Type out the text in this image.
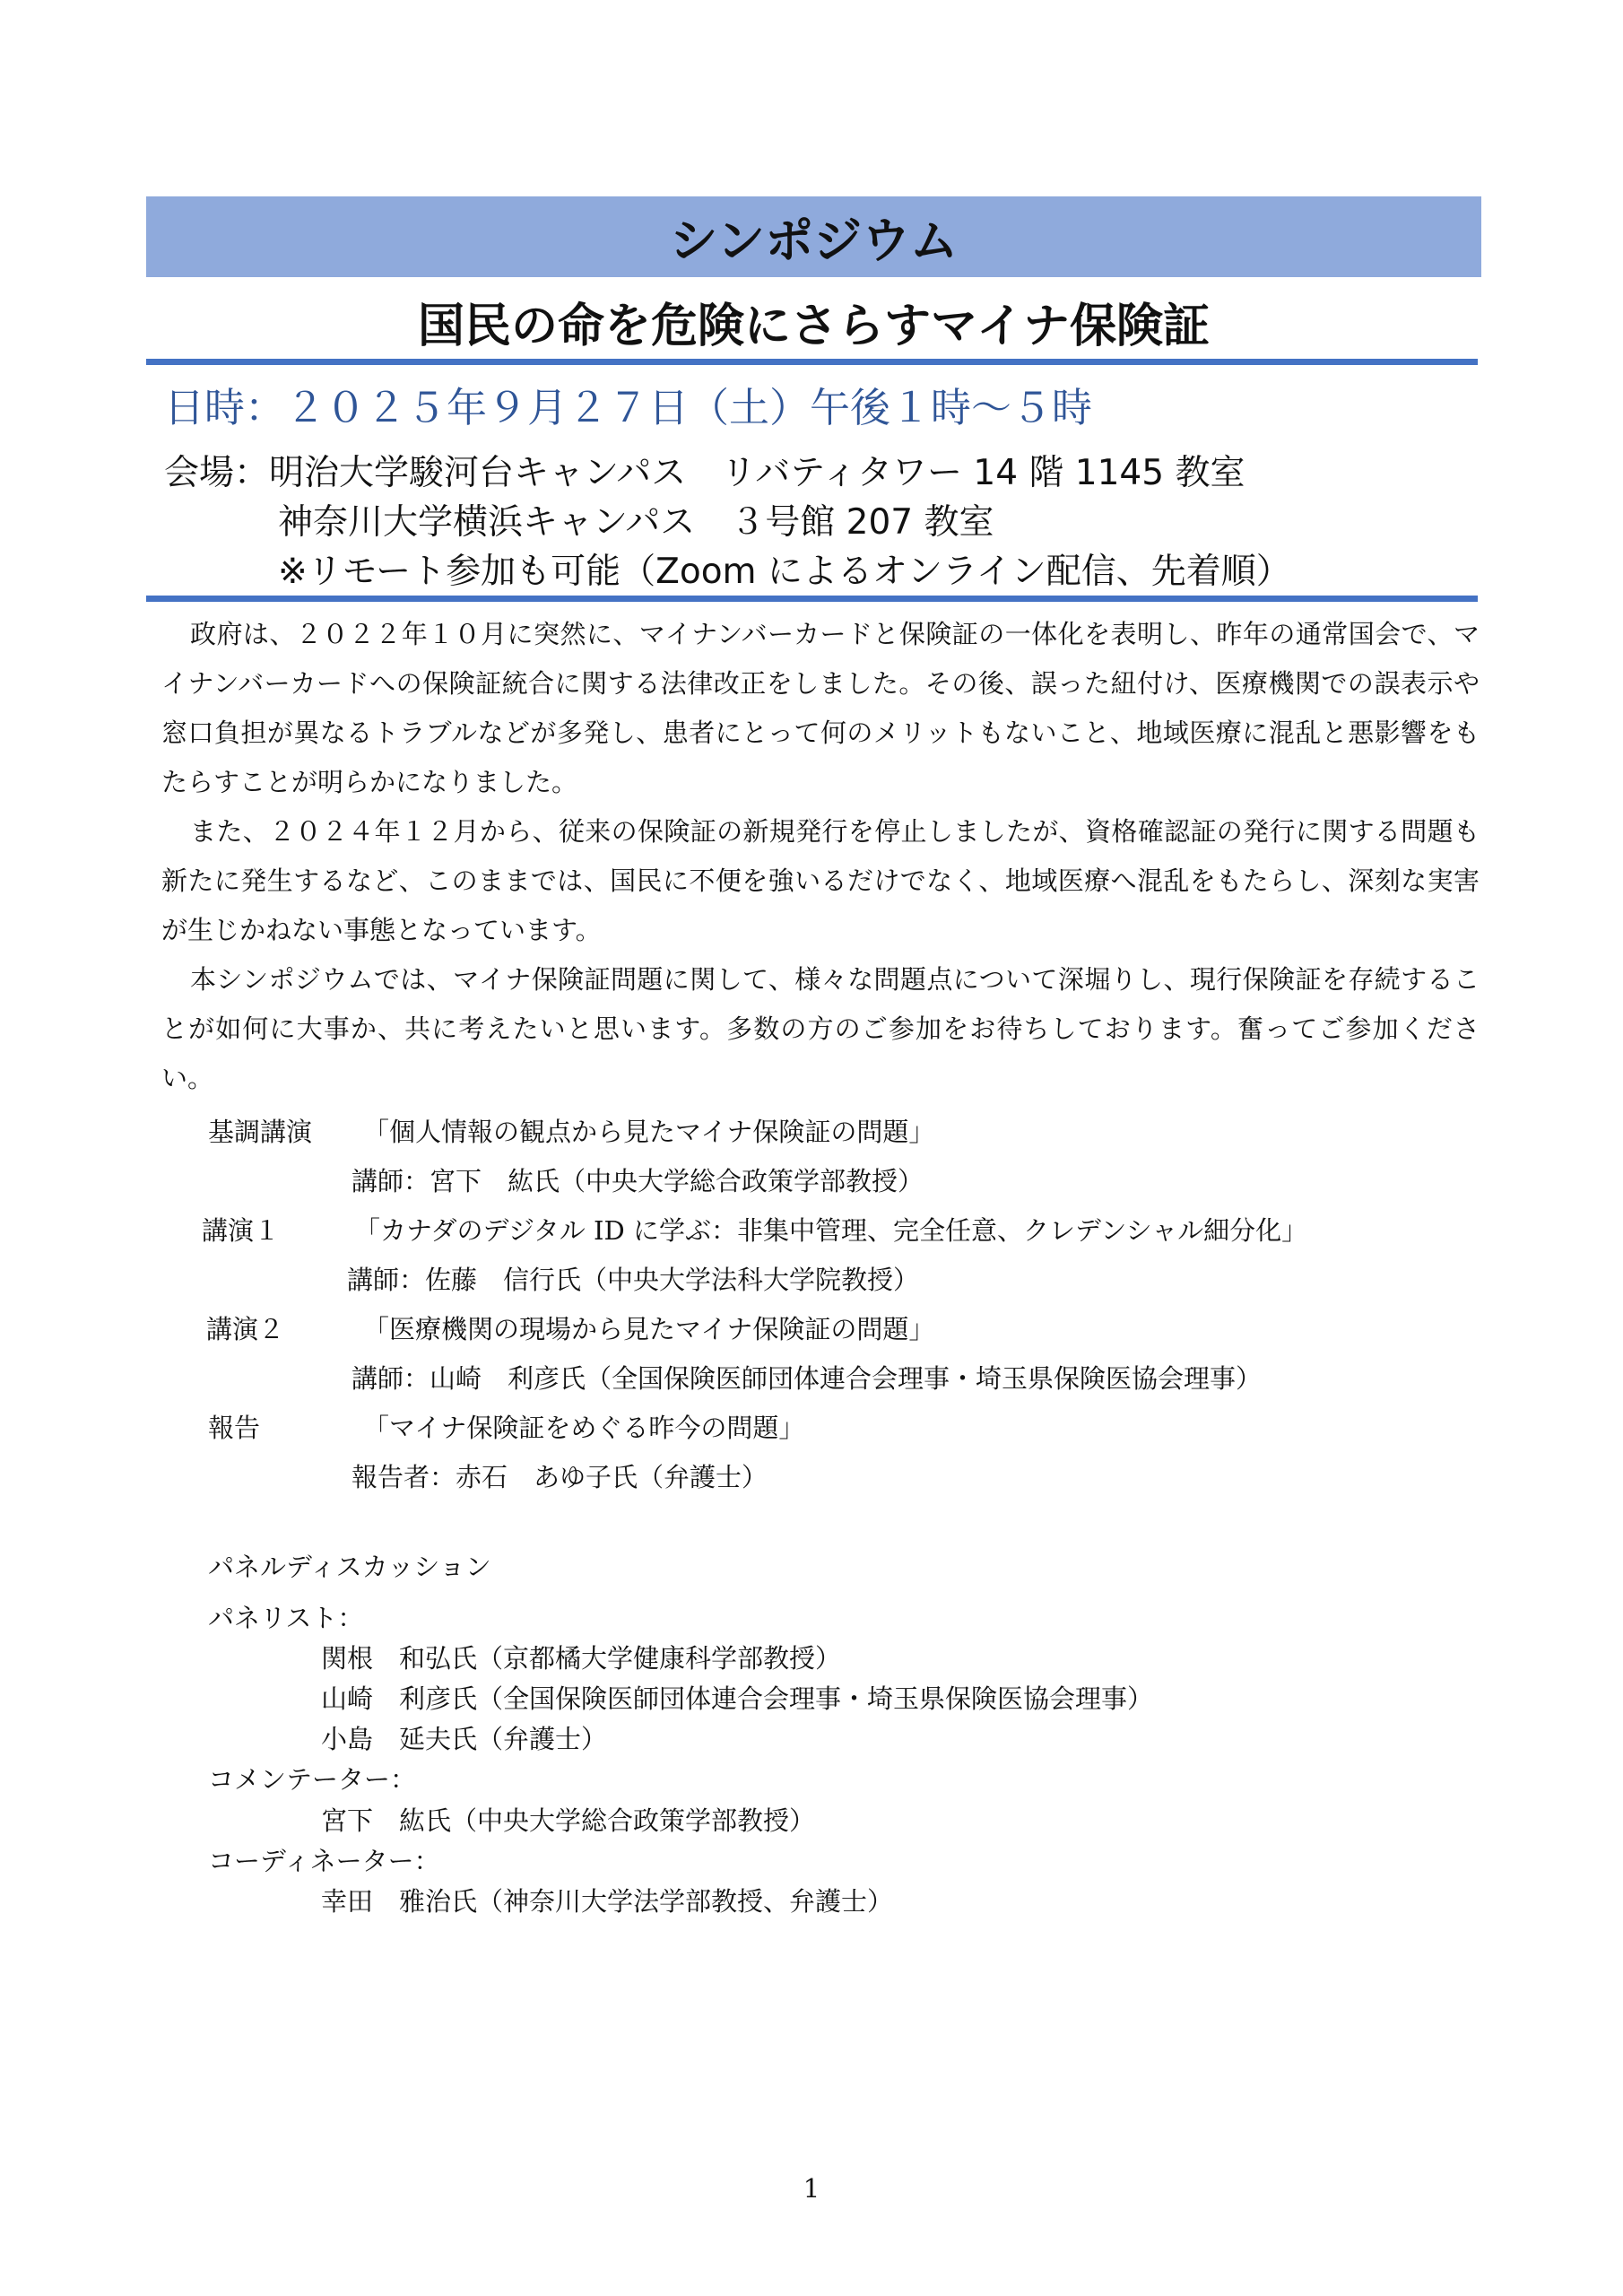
シンポジウム
国民の命を危険にさらすマイナ保険証
日時：２０２５年９月２７日（土）午後１時～５時
会場：明治大学駿河台キャンパス　リバティタワー 14 階 1145 教室
神奈川大学横浜キャンパス　３号館 207 教室
※リモート参加も可能（Zoom によるオンライン配信、先着順）

政府は、２０２２年１０月に突然に、マイナンバーカードと保険証の一体化を表明し、昨年の通常国会で、マイナンバーカードへの保険証統合に関する法律改正をしました。その後、誤った紐付け、医療機関での誤表示や窓口負担が異なるトラブルなどが多発し、患者にとって何のメリットもないこと、地域医療に混乱と悪影響をもたらすことが明らかになりました。

また、２０２４年１２月から、従来の保険証の新規発行を停止しましたが、資格確認証の発行に関する問題も新たに発生するなど、このままでは、国民に不便を強いるだけでなく、地域医療へ混乱をもたらし、深刻な実害が生じかねない事態となっています。

本シンポジウムでは、マイナ保険証問題に関して、様々な問題点について深堀りし、現行保険証を存続することが如何に大事か、共に考えたいと思います。多数の方のご参加をお待ちしております。奮ってご参加ください。

基調講演 「個人情報の観点から見たマイナ保険証の問題」
講師：宮下　紘氏（中央大学総合政策学部教授）
講演１	「カナダのデジタル ID に学ぶ：非集中管理、完全任意、クレデンシャル細分化」
講師：佐藤　信行氏（中央大学法科大学院教授）
講演２	「医療機関の現場から見たマイナ保険証の問題」
講師：山崎　利彦氏（全国保険医師団体連合会理事・埼玉県保険医協会理事）
報告	「マイナ保険証をめぐる昨今の問題」
報告者：赤石　あゆ子氏（弁護士）
パネルディスカッション
パネリスト：
関根　和弘氏（京都橘大学健康科学部教授）
山崎　利彦氏（全国保険医師団体連合会理事・埼玉県保険医協会理事）
小島　延夫氏（弁護士）
コメンテーター：
宮下　紘氏（中央大学総合政策学部教授）
コーディネーター：
幸田　雅治氏（神奈川大学法学部教授、弁護士）
1
